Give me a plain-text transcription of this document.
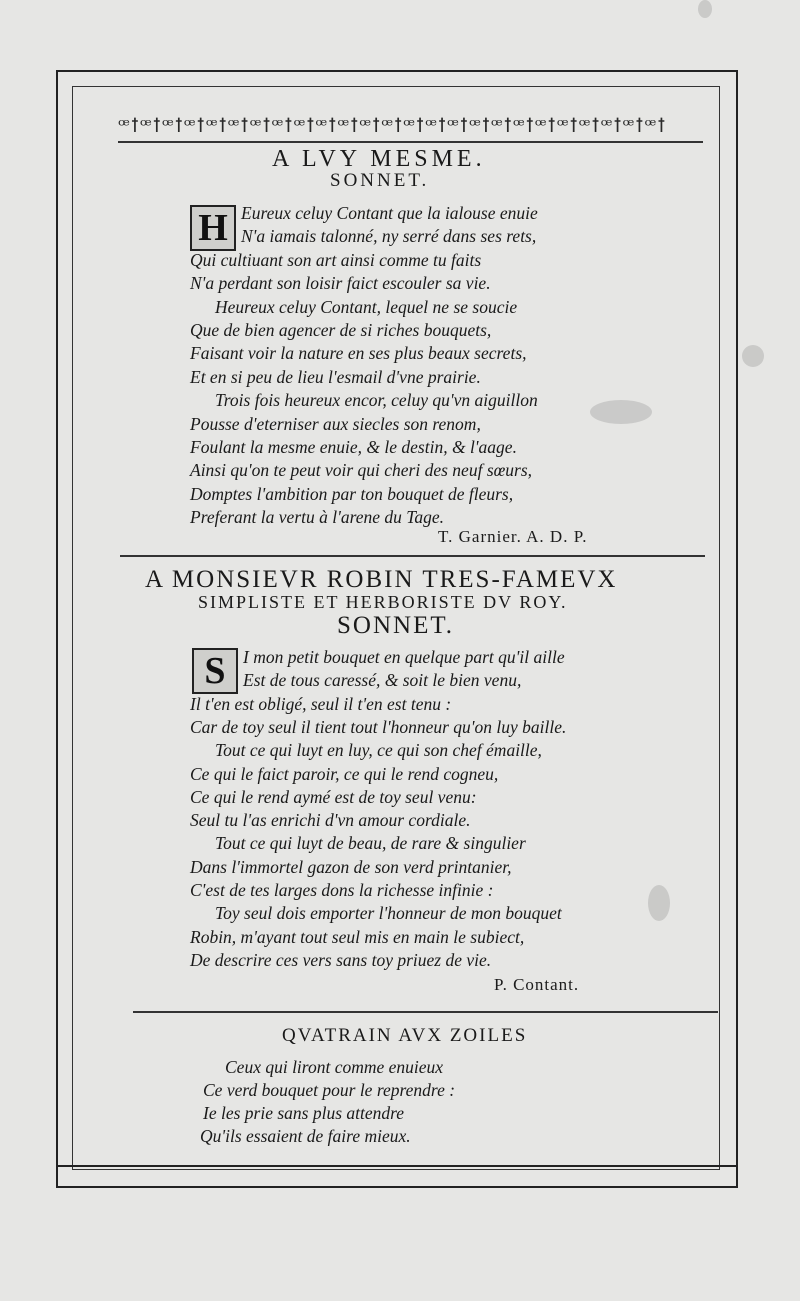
ꟹꝉꟹꝉꟹꝉꟹꝉꟹꝉꟹꝉꟹꝉꟹꝉꟹꝉꟹꝉꟹꝉꟹꝉꟹꝉꟹꝉꟹꝉꟹꝉꟹꝉꟹꝉꟹꝉꟹꝉꟹꝉꟹꝉꟹꝉꟹꝉꟹꝉ
A LVY MESME.
SONNET.
H Eureux celuy Contant que la ialouse enuie
N'a iamais talonné, ny serré dans ses rets,
Qui cultiuant son art ainsi comme tu faits
N'a perdant son loisir faict escouler sa vie.
Heureux celuy Contant, lequel ne se soucie
Que de bien agencer de si riches bouquets,
Faisant voir la nature en ses plus beaux secrets,
Et en si peu de lieu l'esmail d'vne prairie.
Trois fois heureux encor, celuy qu'vn aiguillon
Pousse d'eterniser aux siecles son renom,
Foulant la mesme enuie, & le destin, & l'aage.
Ainsi qu'on te peut voir qui cheri des neuf sœurs,
Domptes l'ambition par ton bouquet de fleurs,
Preferant la vertu à l'arene du Tage.
T. Garnier. A. D. P.
A MONSIEVR ROBIN TRES-FAMEVX
SIMPLISTE ET HERBORISTE DV ROY.
SONNET.
S I mon petit bouquet en quelque part qu'il aille
Est de tous caressé, & soit le bien venu,
Il t'en est obligé, seul il t'en est tenu :
Car de toy seul il tient tout l'honneur qu'on luy baille.
Tout ce qui luyt en luy, ce qui son chef émaille,
Ce qui le faict paroir, ce qui le rend cogneu,
Ce qui le rend aymé est de toy seul venu:
Seul tu l'as enrichi d'vn amour cordiale.
Tout ce qui luyt de beau, de rare & singulier
Dans l'immortel gazon de son verd printanier,
C'est de tes larges dons la richesse infinie :
Toy seul dois emporter l'honneur de mon bouquet
Robin, m'ayant tout seul mis en main le subiect,
De descrire ces vers sans toy priuez de vie.
P. Contant.
QVATRAIN AVX ZOILES
Ceux qui liront comme enuieux
Ce verd bouquet pour le reprendre :
Ie les prie sans plus attendre
Qu'ils essaient de faire mieux.
